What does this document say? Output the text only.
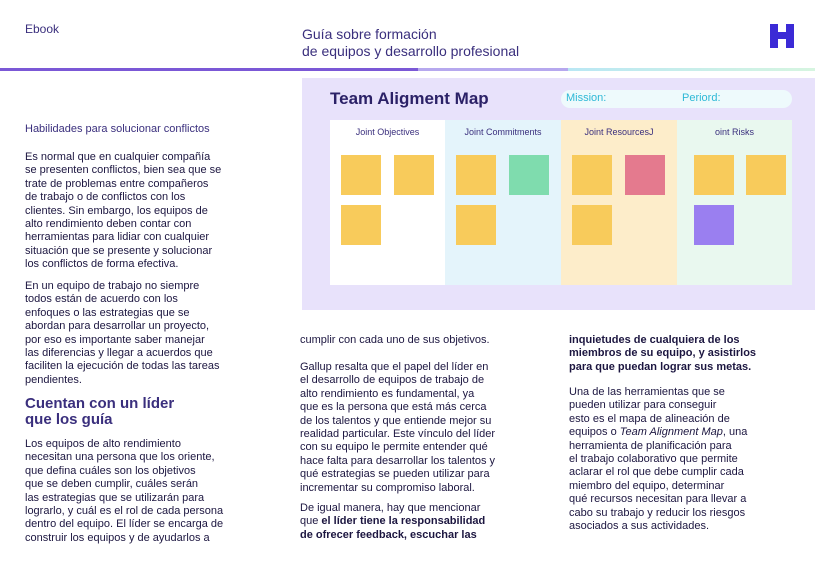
Ebook	Guía sobre formación
de equipos y desarrollo profesional
Team Aligment Map	Mission:	Periord:
Joint Objectives	Joint Commitments	Joint ResourcesJ	oint Risks
Habilidades para solucionar conflictos

Es normal que en cualquier compañía
se presenten conflictos, bien sea que se
trate de problemas entre compañeros
de trabajo o de conflictos con los
clientes. Sin embargo, los equipos de
alto rendimiento deben contar con
herramientas para lidiar con cualquier
situación que se presente y solucionar
los conflictos de forma efectiva.

En un equipo de trabajo no siempre
todos están de acuerdo con los
enfoques o las estrategias que se
abordan para desarrollar un proyecto,
por eso es importante saber manejar
las diferencias y llegar a acuerdos que
faciliten la ejecución de todas las tareas
pendientes.

Cuentan con un líder
que los guía

Los equipos de alto rendimiento
necesitan una persona que los oriente,
que defina cuáles son los objetivos
que se deben cumplir, cuáles serán
las estrategias que se utilizarán para
lograrlo, y cuál es el rol de cada persona
dentro del equipo. El líder se encarga de
construir los equipos y de ayudarlos a

cumplir con cada uno de sus objetivos.

Gallup resalta que el papel del líder en
el desarrollo de equipos de trabajo de
alto rendimiento es fundamental, ya
que es la persona que está más cerca
de los talentos y que entiende mejor su
realidad particular. Este vínculo del líder
con su equipo le permite entender qué
hace falta para desarrollar los talentos y
qué estrategias se pueden utilizar para
incrementar su compromiso laboral.

De igual manera, hay que mencionar
que el líder tiene la responsabilidad
de ofrecer feedback, escuchar las

inquietudes de cualquiera de los
miembros de su equipo, y asistirlos
para que puedan lograr sus metas.

Una de las herramientas que se
pueden utilizar para conseguir
esto es el mapa de alineación de
equipos o Team Alignment Map, una
herramienta de planificación para
el trabajo colaborativo que permite
aclarar el rol que debe cumplir cada
miembro del equipo, determinar
qué recursos necesitan para llevar a
cabo su trabajo y reducir los riesgos
asociados a sus actividades.
